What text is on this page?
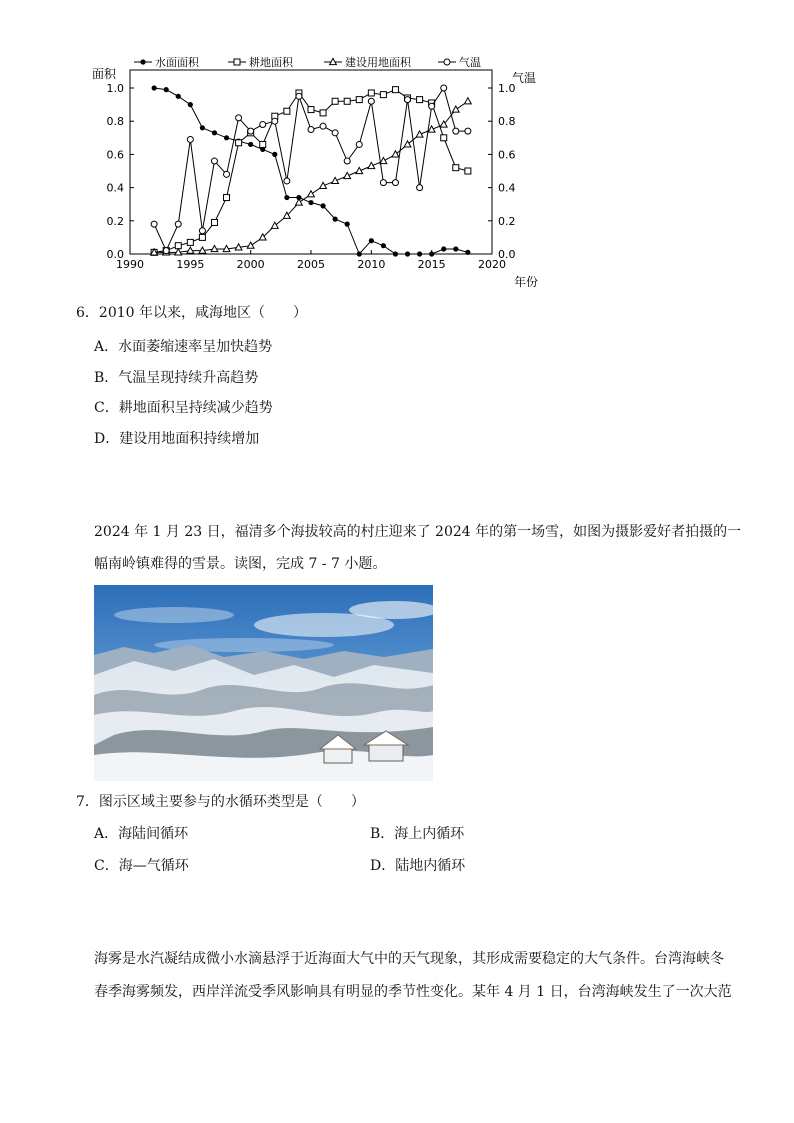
水面面积	耕地面积	建设用地面积	气温
面积	气温
年份
1990	1995	2000	2005	2010	2015	2020
0.0
0.2
0.4
0.6
0.8
1.0
0.0
0.2
0.4
0.6
0.8
1.0
6．2010 年以来，咸海地区（　　）
A．水面萎缩速率呈加快趋势
B．气温呈现持续升高趋势
C．耕地面积呈持续减少趋势
D．建设用地面积持续增加
2024 年 1 月 23 日，福清多个海拔较高的村庄迎来了 2024 年的第一场雪，如图为摄影爱好者拍摄的一
幅南岭镇难得的雪景。读图，完成 7 - 7 小题。
7．图示区域主要参与的水循环类型是（　　）
A．海陆间循环	B．海上内循环
C．海—气循环	D．陆地内循环
海雾是水汽凝结成微小水滴悬浮于近海面大气中的天气现象，其形成需要稳定的大气条件。台湾海峡冬
春季海雾频发，西岸洋流受季风影响具有明显的季节性变化。某年 4 月 1 日，台湾海峡发生了一次大范
